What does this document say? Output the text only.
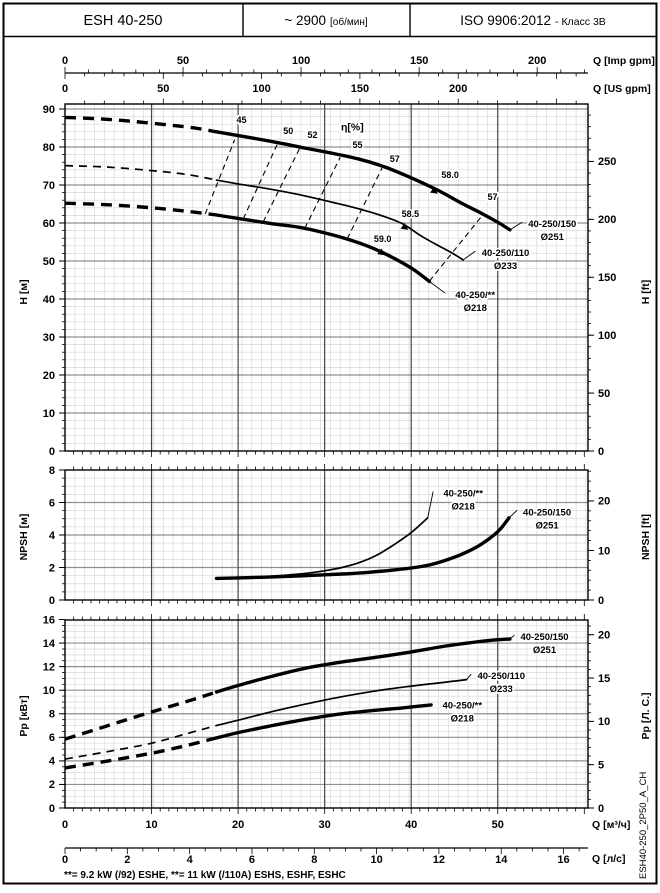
ESH 40-250	~ 2900 [об/мин]	ISO 9906:2012 - Класс 3В
Q [Imp gpm]
Q [US gpm]
Q [м³/ч]
Q [л/с]
H [м]	H [ft]
NPSH [м]	NPSH [ft]
Pр [кВт]	Pр [Л. С.]
**= 9.2 kW (/92) ESHE, **= 11 kW (/110A) ESHS, ESHF, ESHC	ESH40-250_2P50_A_CH
0
10
20
30
40
50
60
70
80
90
0
50
100
150
200
250
0
2
4
6
8
0
10
20
0
2
4
6
8
10
12
14
16
0
5
10
15
20
45
50 52
55
57
57
η[%]
58.0
58.5
59.0
40-250/150
Ø251
40-250/110
Ø233
40-250/**
Ø218
40-250/**
Ø218
40-250/150
Ø251
40-250/150
Ø251
40-250/110
Ø233
40-250/**
Ø218
0	50	100	150	200
0	50	100	150	200
0	10	20	30	40	50
0	2	4	6	8	10	12	14	16
